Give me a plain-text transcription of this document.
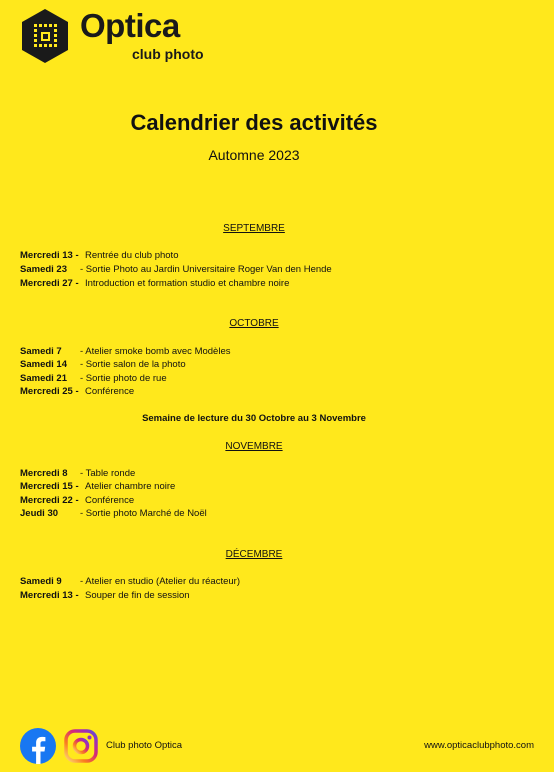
Optica
club photo
Calendrier des activités
Automne 2023
SEPTEMBRE
Mercredi 13 - Rentrée du club photo
Samedi 23 - Sortie Photo au Jardin Universitaire Roger Van den Hende
Mercredi 27 - Introduction et formation studio et chambre noire
OCTOBRE
Samedi 7 - Atelier smoke bomb avec Modèles
Samedi 14 - Sortie salon de la photo
Samedi 21 - Sortie photo de rue
Mercredi 25 - Conférence
Semaine de lecture du 30 Octobre au 3 Novembre
NOVEMBRE
Mercredi 8 - Table ronde
Mercredi 15 - Atelier chambre noire
Mercredi 22 - Conférence
Jeudi 30 - Sortie photo Marché de Noël
DÉCEMBRE
Samedi 9 - Atelier en studio (Atelier du réacteur)
Mercredi 13 - Souper de fin de session
Club photo Optica	www.opticaclubphoto.com
